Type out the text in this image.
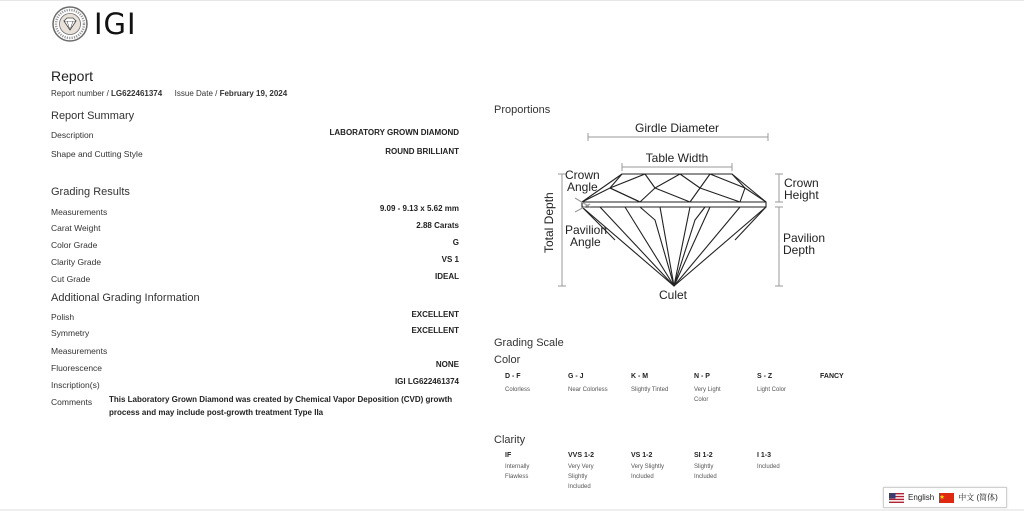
IGI
Report
Report number / LG622461374 Issue Date / February 19, 2024
Report Summary
Description	LABORATORY GROWN DIAMOND
Shape and Cutting Style	ROUND BRILLIANT
Grading Results
Measurements	9.09 - 9.13 x 5.62 mm
Carat Weight	2.88 Carats
Color Grade	G
Clarity Grade	VS 1
Cut Grade	IDEAL
Additional Grading Information
Polish	EXCELLENT
Symmetry	EXCELLENT
Measurements
Fluorescence	NONE
Inscription(s)	IGI LG622461374
Comments This Laboratory Grown Diamond was created by Chemical Vapor Deposition (CVD) growth process and may include post-growth treatment Type IIa
Proportions
Girdle Diameter
Table Width
Crown
Angle	Crown
Height
Pavilion
Angle	Pavilion
Depth
Total Depth
Culet
Grading Scale
Color
D - F
Colorless
G - J
Near Colorless
K - M
Slightly Tinted
N - P
Very Light Color
S - Z
Light Color
FANCY
Clarity
IF
Internally Flawless
VVS 1-2
Very Very Slightly Included
VS 1-2
Very Slightly Included
SI 1-2
Slightly Included
I 1-3
Included
English	中文 (简体)
